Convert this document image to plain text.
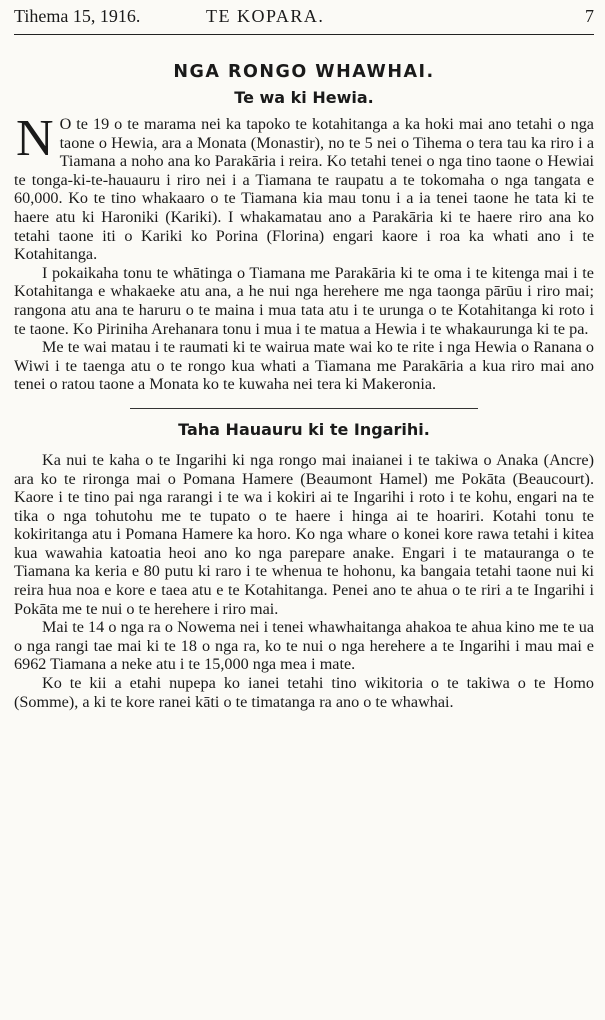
Tihema 15, 1916.	TE KOPARA.	7
NGA RONGO WHAWHAI.
Te wa ki Hewia.

N O te 19 o te marama nei ka tapoko te kotahitanga a ka hoki mai ano tetahi o nga taone o Hewia, ara a Monata (Monastir), no te 5 nei o Tihema o tera tau ka riro i a Tiamana a noho ana ko Parakāria i reira. Ko tetahi tenei o nga tino taone o Hewiai te tonga-ki-te-hauauru i riro nei i a Tiamana te raupatu a te tokomaha o nga tangata e 60,000. Ko te tino whakaaro o te Tiamana kia mau tonu i a ia tenei taone he tata ki te haere atu ki Haroniki (Kariki). I whakamatau ano a Parakāria ki te haere riro ana ko tetahi taone iti o Kariki ko Porina (Florina) engari kaore i roa ka whati ano i te Kotahitanga.

I pokaikaha tonu te whātinga o Tiamana me Parakāria ki te oma i te kitenga mai i te Kotahitanga e whakaeke atu ana, a he nui nga herehere me nga taonga pārūu i riro mai; rangona atu ana te haruru o te maina i mua tata atu i te urunga o te Kotahitanga ki roto i te taone. Ko Piriniha Arehanara tonu i mua i te matua a Hewia i te whakaurunga ki te pa.

Me te wai matau i te raumati ki te wairua mate wai ko te rite i nga Hewia o Ranana o Wiwi i te taenga atu o te rongo kua whati a Tiamana me Parakāria a kua riro mai ano tenei o ratou taone a Monata ko te kuwaha nei tera ki Makeronia.

Taha Hauauru ki te Ingarihi.

Ka nui te kaha o te Ingarihi ki nga rongo mai inaianei i te takiwa o Anaka (Ancre) ara ko te rironga mai o Pomana Hamere (Beaumont Hamel) me Pokāta (Beaucourt). Kaore i te tino pai nga rarangi i te wa i kokiri ai te Ingarihi i roto i te kohu, engari na te tika o nga tohutohu me te tupato o te haere i hinga ai te hoariri. Kotahi tonu te kokiritanga atu i Pomana Hamere ka horo. Ko nga whare o konei kore rawa tetahi i kitea kua wawahia katoatia heoi ano ko nga parepare anake. Engari i te matauranga o te Tiamana ka keria e 80 putu ki raro i te whenua te hohonu, ka bangaia tetahi taone nui ki reira hua noa e kore e taea atu e te Kotahitanga. Penei ano te ahua o te riri a te Ingarihi i Pokāta me te nui o te herehere i riro mai.

Mai te 14 o nga ra o Nowema nei i tenei whawhaitanga ahakoa te ahua kino me te ua o nga rangi tae mai ki te 18 o nga ra, ko te nui o nga herehere a te Ingarihi i mau mai e 6962 Tiamana a neke atu i te 15,000 nga mea i mate.

Ko te kii a etahi nupepa ko ianei tetahi tino wikitoria o te takiwa o te Homo (Somme), a ki te kore ranei kāti o te timatanga ra ano o te whawhai.
